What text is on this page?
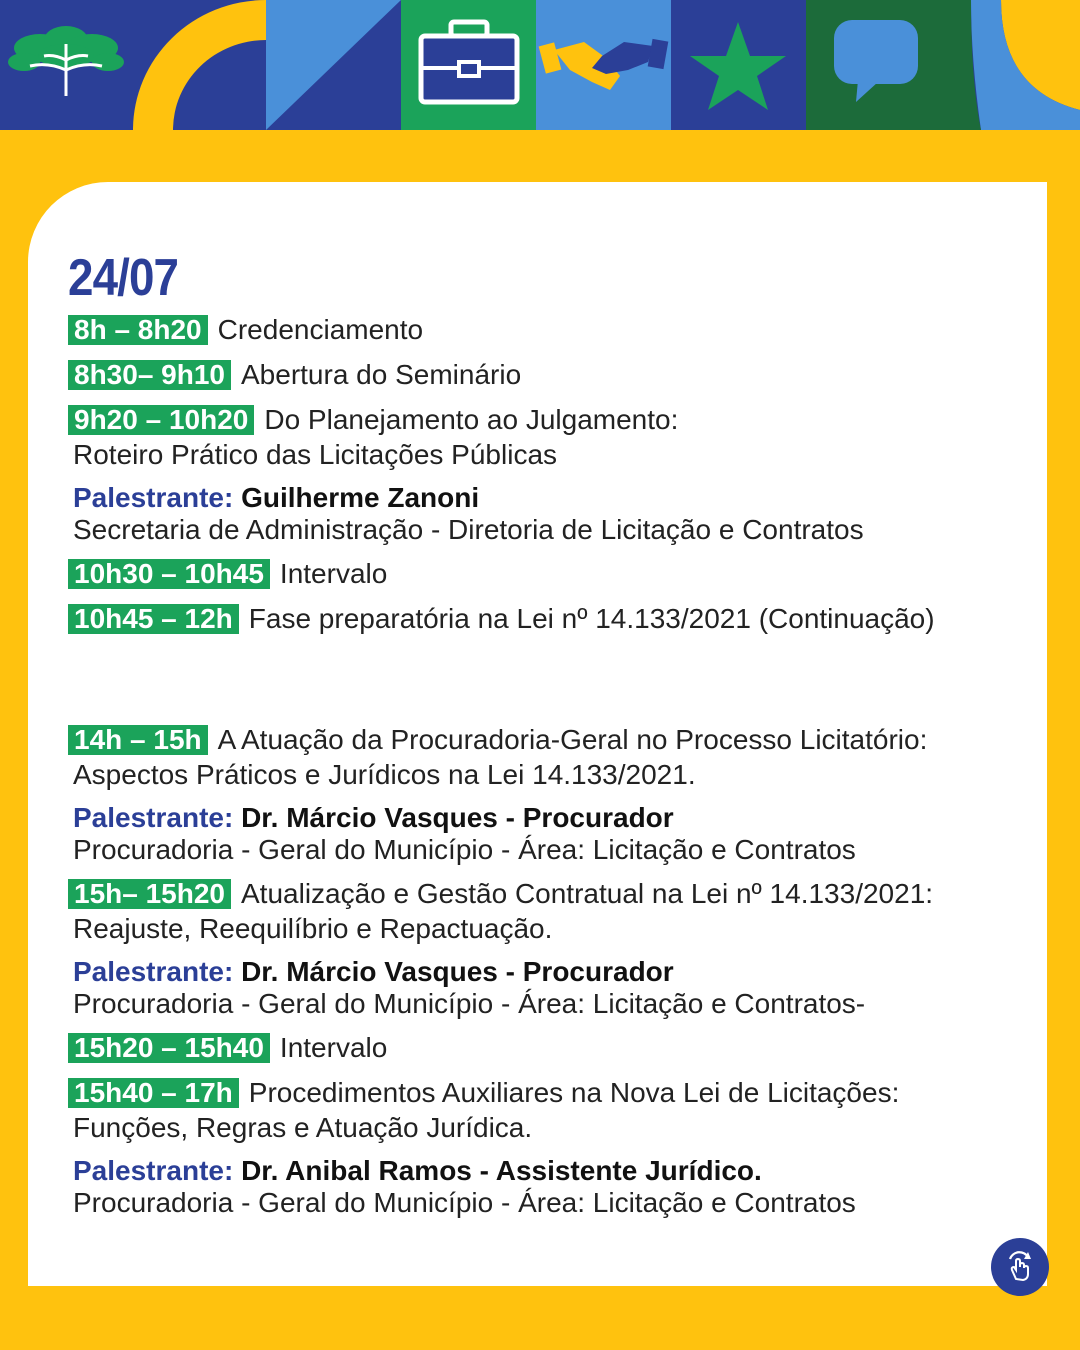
24/07
8h – 8h20 Credenciamento
8h30– 9h10 Abertura do Seminário
9h20 – 10h20 Do Planejamento ao Julgamento:
Roteiro Prático das Licitações Públicas
Palestrante: Guilherme Zanoni
Secretaria de Administração - Diretoria de Licitação e Contratos
10h30 – 10h45 Intervalo
10h45 – 12h Fase preparatória na Lei nº 14.133/2021 (Continuação)
14h – 15h A Atuação da Procuradoria-Geral no Processo Licitatório:
Aspectos Práticos e Jurídicos na Lei 14.133/2021.
Palestrante: Dr. Márcio Vasques - Procurador
Procuradoria - Geral do Município - Área: Licitação e Contratos
15h– 15h20 Atualização e Gestão Contratual na Lei nº 14.133/2021:
Reajuste, Reequilíbrio e Repactuação.
Palestrante: Dr. Márcio Vasques - Procurador
Procuradoria - Geral do Município - Área: Licitação e Contratos-
15h20 – 15h40 Intervalo
15h40 – 17h Procedimentos Auxiliares na Nova Lei de Licitações:
Funções, Regras e Atuação Jurídica.
Palestrante: Dr. Anibal Ramos - Assistente Jurídico.
Procuradoria - Geral do Município - Área: Licitação e Contratos
